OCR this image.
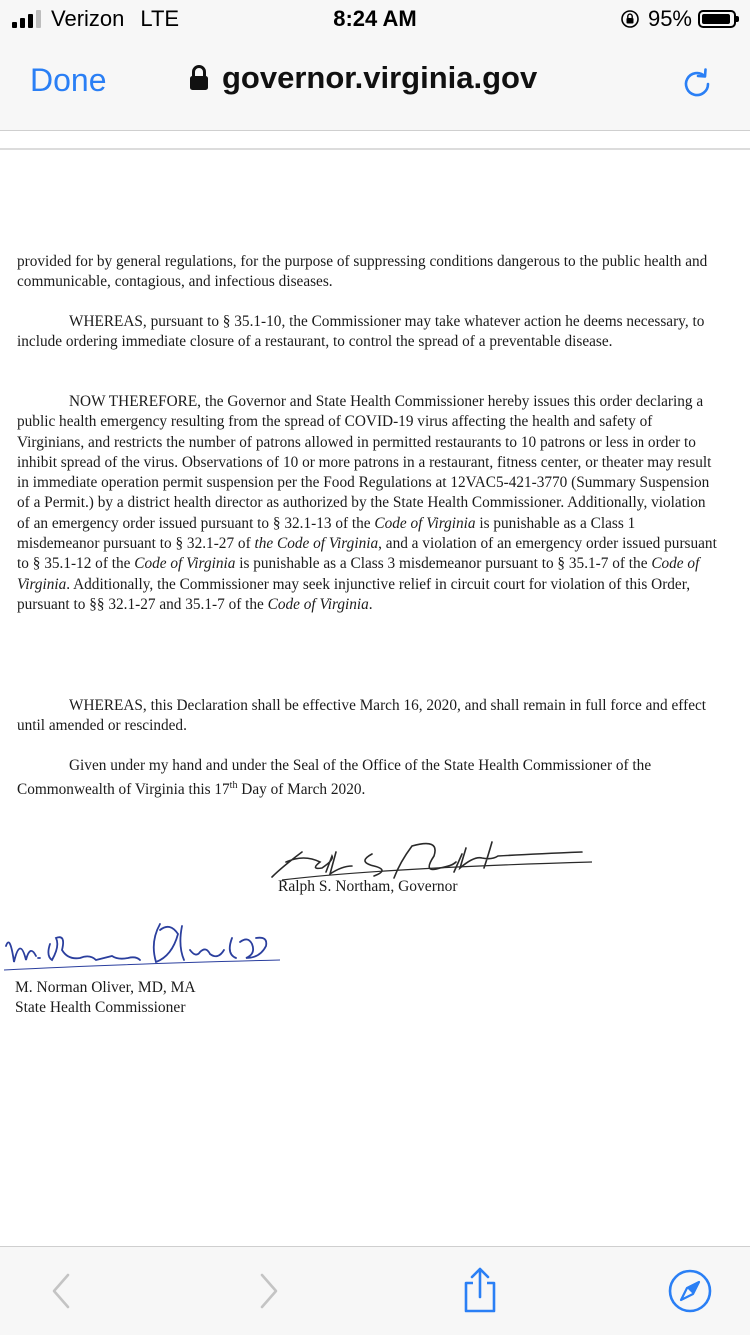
Verizon LTE	8:24 AM	95%
Done	governor.virginia.gov

provided for by general regulations, for the purpose of suppressing conditions dangerous to the public health and communicable, contagious, and infectious diseases.

WHEREAS, pursuant to § 35.1-10, the Commissioner may take whatever action he deems necessary, to include ordering immediate closure of a restaurant, to control the spread of a preventable disease.

NOW THEREFORE, the Governor and State Health Commissioner hereby issues this order declaring a public health emergency resulting from the spread of COVID-19 virus affecting the health and safety of Virginians, and restricts the number of patrons allowed in permitted restaurants to 10 patrons or less in order to inhibit spread of the virus. Observations of 10 or more patrons in a restaurant, fitness center, or theater may result in immediate operation permit suspension per the Food Regulations at 12VAC5-421-3770 (Summary Suspension of a Permit.) by a district health director as authorized by the State Health Commissioner. Additionally, violation of an emergency order issued pursuant to § 32.1-13 of the Code of Virginia is punishable as a Class 1 misdemeanor pursuant to § 32.1-27 of the Code of Virginia, and a violation of an emergency order issued pursuant to § 35.1-12 of the Code of Virginia is punishable as a Class 3 misdemeanor pursuant to § 35.1-7 of the Code of Virginia. Additionally, the Commissioner may seek injunctive relief in circuit court for violation of this Order, pursuant to §§ 32.1-27 and 35.1-7 of the Code of Virginia.

WHEREAS, this Declaration shall be effective March 16, 2020, and shall remain in full force and effect until amended or rescinded.

Given under my hand and under the Seal of the Office of the State Health Commissioner of the Commonwealth of Virginia this 17th Day of March 2020.

Ralph S. Northam, Governor
M. Norman Oliver, MD, MA
State Health Commissioner
